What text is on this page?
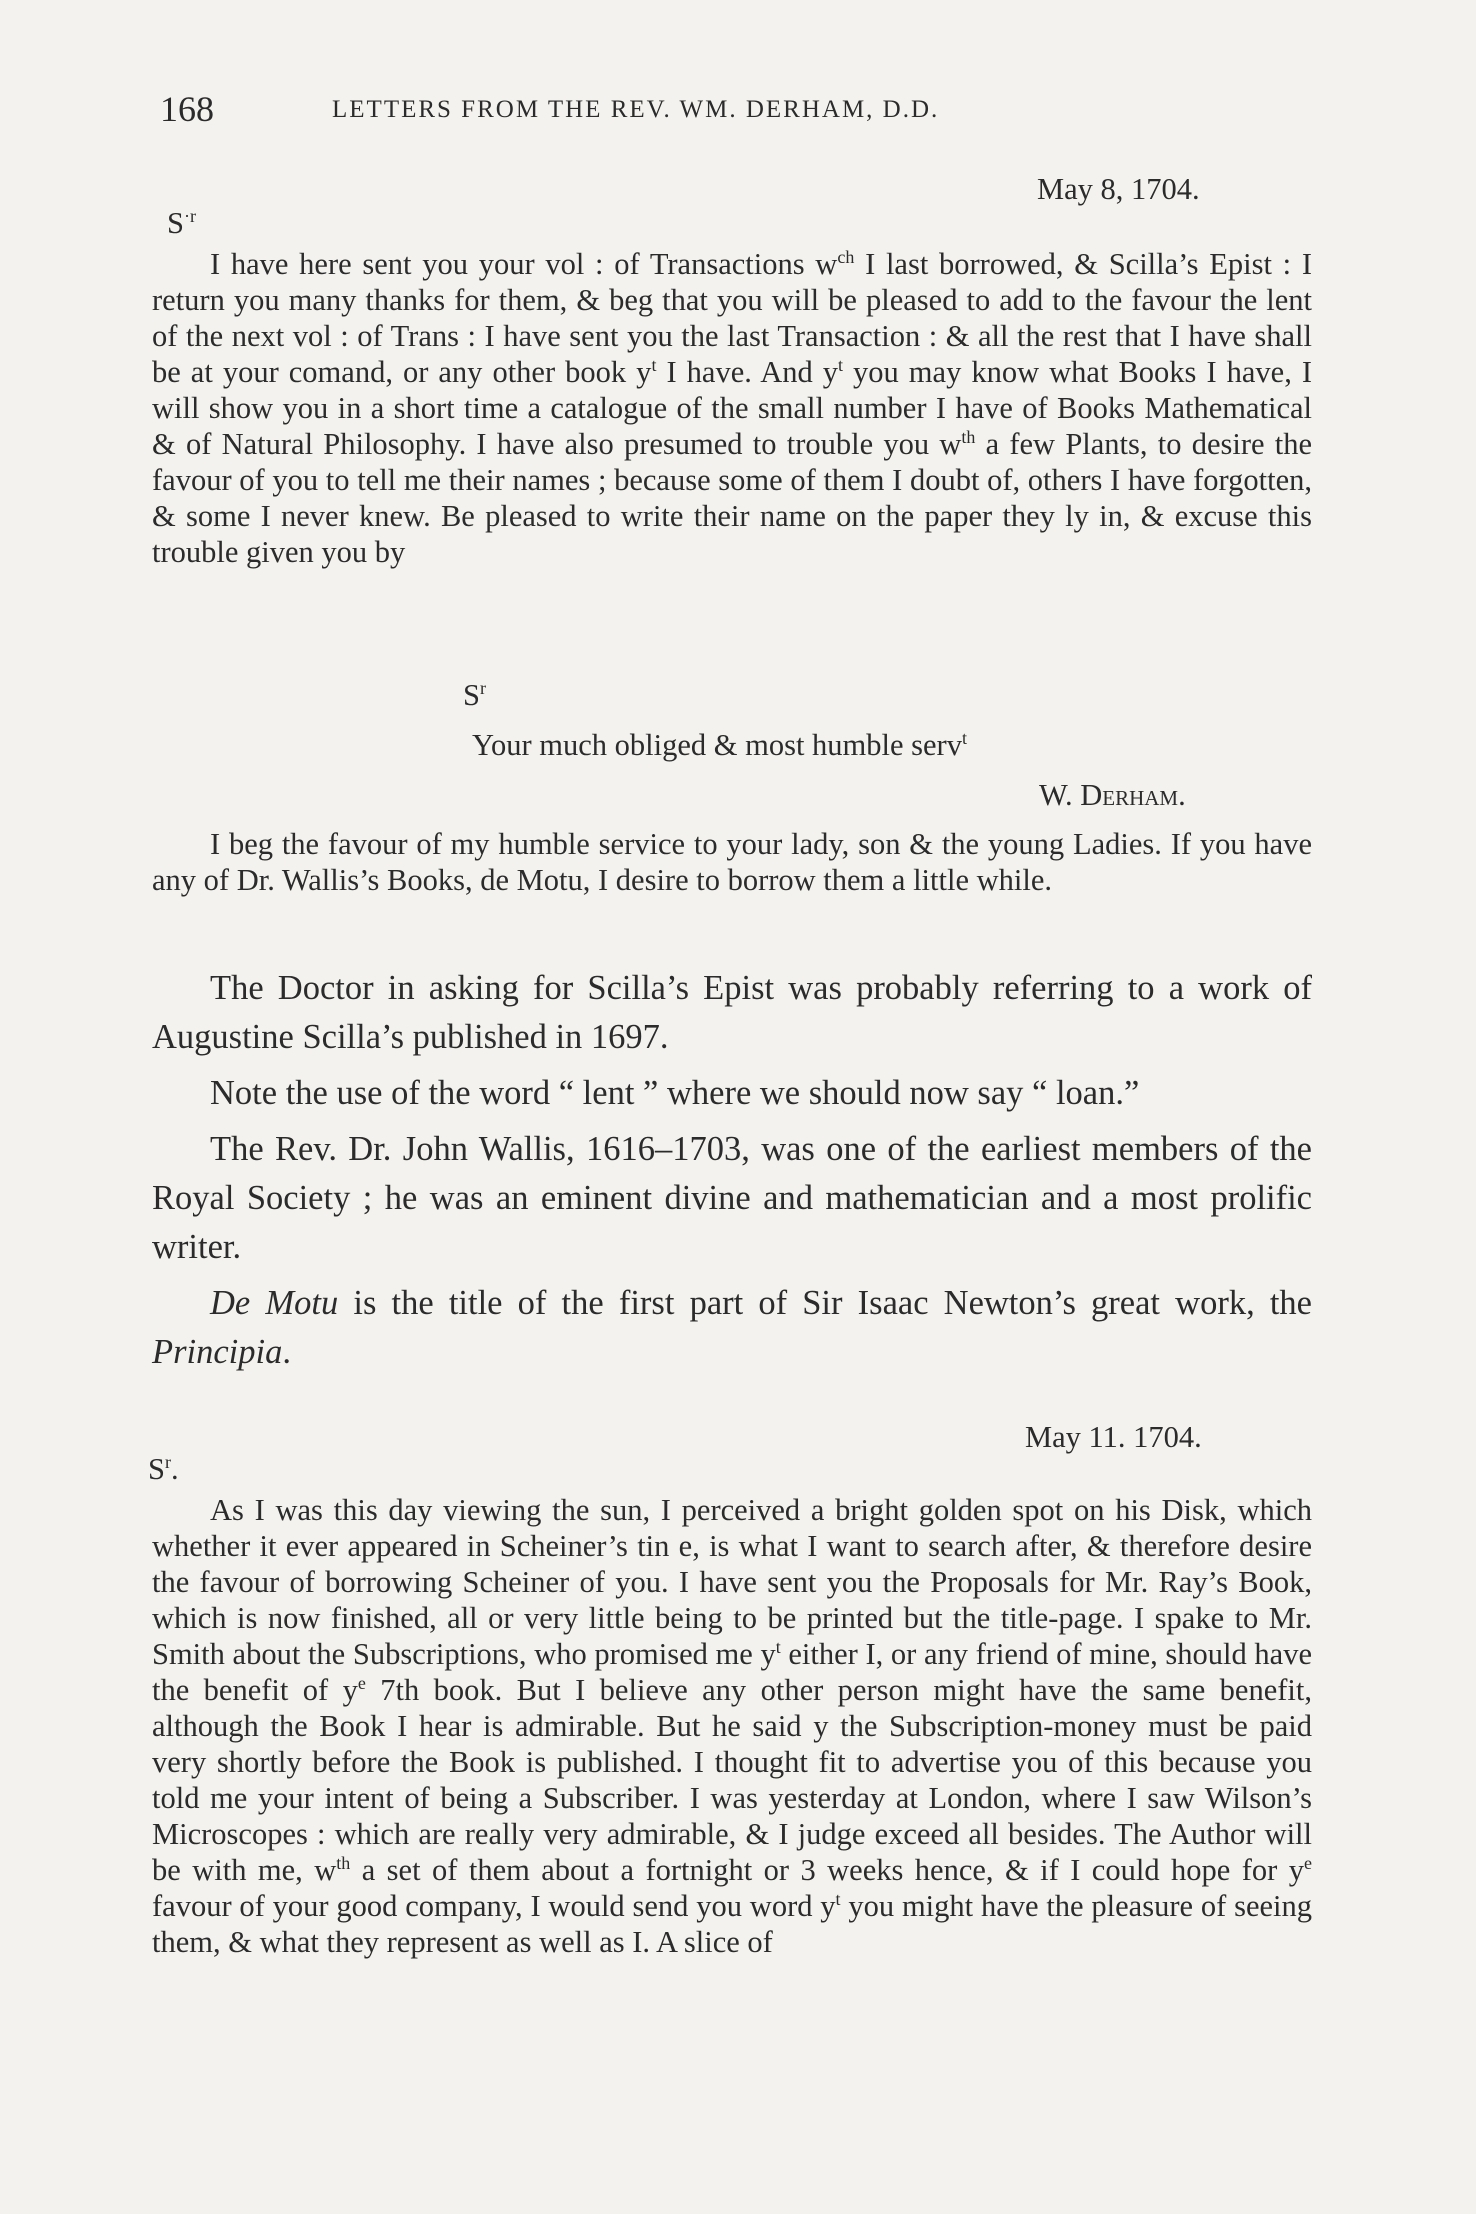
168	LETTERS FROM THE REV. WM. DERHAM, D.D.
May 8, 1704.
$S^{\cdot r}$

I have here sent you your vol : of Transactions $w^{ch}$ I last borrowed, & Scilla’s Epist : I return you many thanks for them, & beg that you will be pleased to add to the favour the lent of the next vol : of Trans : I have sent you the last Transaction : & all the rest that I have shall be at your comand, or any other book $y^t$ I have. And $y^t$ you may know what Books I have, I will show you in a short time a catalogue of the small number I have of Books Mathematical & of Natural Philosophy. I have also presumed to trouble you $w^{th}$ a few Plants, to desire the favour of you to tell me their names ; because some of them I doubt of, others I have forgotten, & some I never knew. Be pleased to write their name on the paper they ly in, & excuse this trouble given you by

$S^r$
Your much obliged & most humble serv$^t$
W. Derham.

I beg the favour of my humble service to your lady, son & the young Ladies. If you have any of Dr. Wallis’s Books, de Motu, I desire to borrow them a little while.

The Doctor in asking for Scilla’s Epist was probably referring to a work of Augustine Scilla’s published in 1697.

Note the use of the word “ lent ” where we should now say “ loan.”

The Rev. Dr. John Wallis, 1616–1703, was one of the earliest members of the Royal Society ; he was an eminent divine and mathematician and a most prolific writer.

De Motu is the title of the first part of Sir Isaac Newton’s great work, the Principia.

May 11. 1704.
$S^r$.

As I was this day viewing the sun, I perceived a bright golden spot on his Disk, which whether it ever appeared in Scheiner’s tin e, is what I want to search after, & therefore desire the favour of borrowing Scheiner of you. I have sent you the Proposals for Mr. Ray’s Book, which is now finished, all or very little being to be printed but the title-page. I spake to Mr. Smith about the Subscriptions, who promised me $y^t$ either I, or any friend of mine, should have the benefit of $y^e$ 7th book. But I believe any other person might have the same benefit, although the Book I hear is admirable. But he said y the Subscription-money must be paid very shortly before the Book is published. I thought fit to advertise you of this because you told me your intent of being a Subscriber. I was yesterday at London, where I saw Wilson’s Microscopes : which are really very admirable, & I judge exceed all besides. The Author will be with me, $w^{th}$ a set of them about a fortnight or 3 weeks hence, & if I could hope for $y^e$ favour of your good company, I would send you word $y^t$ you might have the pleasure of seeing them, & what they represent as well as I. A slice of
